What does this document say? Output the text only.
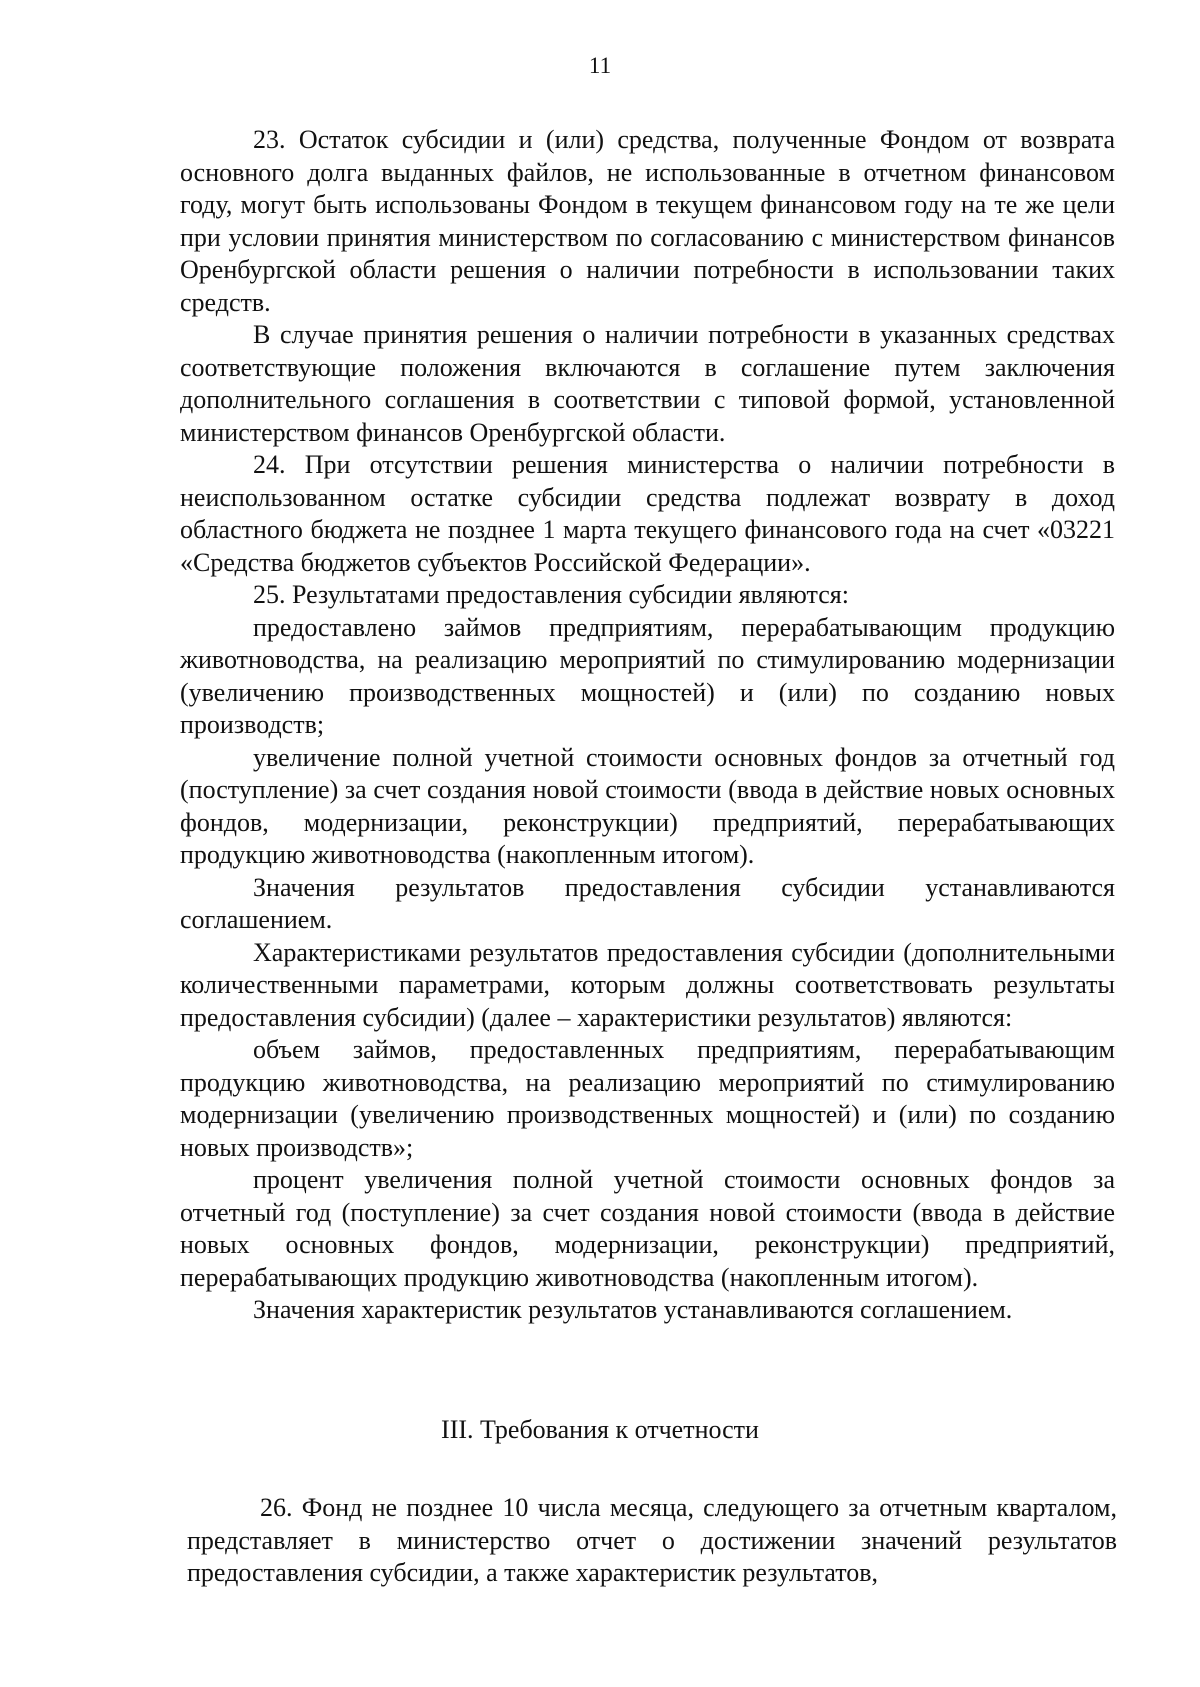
11

23. Остаток субсидии и (или) средства, полученные Фондом от возврата основного долга выданных файлов, не использованные в отчетном финансовом году, могут быть использованы Фондом в текущем финансовом году на те же цели при условии принятия министерством по согласованию с министерством финансов Оренбургской области решения о наличии потребности в использовании таких средств.

В случае принятия решения о наличии потребности в указанных средствах соответствующие положения включаются в соглашение путем заключения дополнительного соглашения в соответствии с типовой формой, установленной министерством финансов Оренбургской области.

24. При отсутствии решения министерства о наличии потребности в неиспользованном остатке субсидии средства подлежат возврату в доход областного бюджета не позднее 1 марта текущего финансового года на счет «03221 «Средства бюджетов субъектов Российской Федерации».

25. Результатами предоставления субсидии являются:

предоставлено займов предприятиям, перерабатывающим продукцию животноводства, на реализацию мероприятий по стимулированию модернизации (увеличению производственных мощностей) и (или) по созданию новых производств;

увеличение полной учетной стоимости основных фондов за отчетный год (поступление) за счет создания новой стоимости (ввода в действие новых основных фондов, модернизации, реконструкции) предприятий, перерабатывающих продукцию животноводства (накопленным итогом).

Значения результатов предоставления субсидии устанавливаются соглашением.

Характеристиками результатов предоставления субсидии (дополнительными количественными параметрами, которым должны соответствовать результаты предоставления субсидии) (далее – характеристики результатов) являются:

объем займов, предоставленных предприятиям, перерабатывающим продукцию животноводства, на реализацию мероприятий по стимулированию модернизации (увеличению производственных мощностей) и (или) по созданию новых производств»;

процент увеличения полной учетной стоимости основных фондов за отчетный год (поступление) за счет создания новой стоимости (ввода в действие новых основных фондов, модернизации, реконструкции) предприятий, перерабатывающих продукцию животноводства (накопленным итогом).

Значения характеристик результатов устанавливаются соглашением.

III. Требования к отчетности

26. Фонд не позднее 10 числа месяца, следующего за отчетным кварталом, представляет в министерство отчет о достижении значений результатов предоставления субсидии, а также характеристик результатов,
